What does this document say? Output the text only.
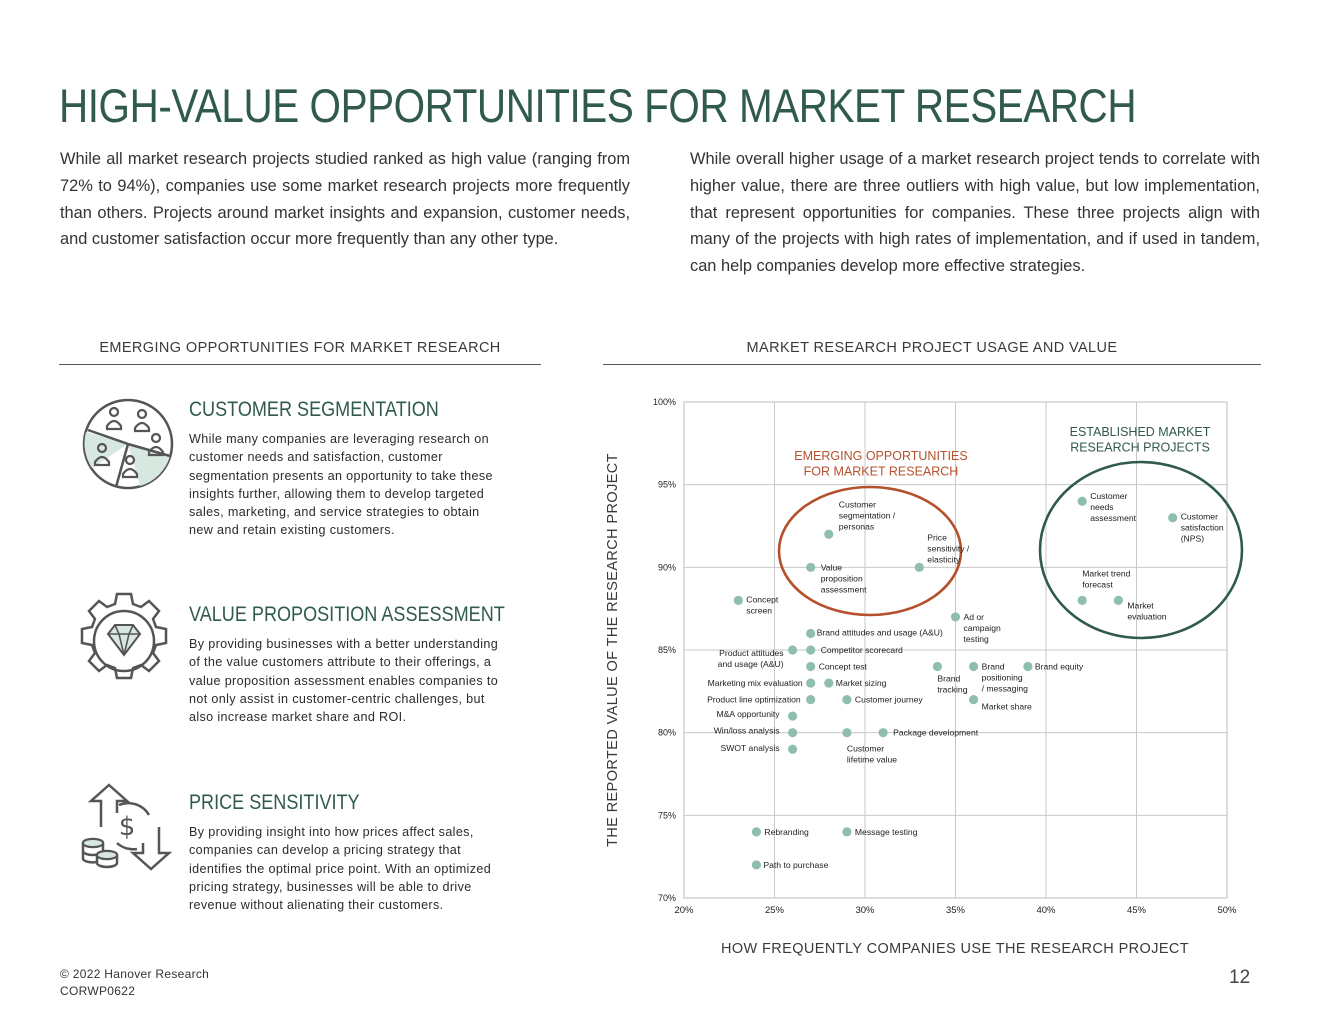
HIGH-VALUE OPPORTUNITIES FOR MARKET RESEARCH

While all market research projects studied ranked as high value (ranging from 72% to 94%), companies use some market research projects more frequently than others. Projects around market insights and expansion, customer needs, and customer satisfaction occur more frequently than any other type.

While overall higher usage of a market research project tends to correlate with higher value, there are three outliers with high value, but low implementation, that represent opportunities for companies. These three projects align with many of the projects with high rates of implementation, and if used in tandem, can help companies develop more effective strategies.

EMERGING OPPORTUNITIES FOR MARKET RESEARCH	MARKET RESEARCH PROJECT USAGE AND VALUE
CUSTOMER SEGMENTATION

While many companies are leveraging research on customer needs and satisfaction, customer segmentation presents an opportunity to take these insights further, allowing them to develop targeted sales, marketing, and service strategies to obtain new and retain existing customers.

VALUE PROPOSITION ASSESSMENT

By providing businesses with a better understanding of the value customers attribute to their offerings, a value proposition assessment enables companies to not only assist in customer-centric challenges, but also increase market share and ROI.

$
PRICE SENSITIVITY

By providing insight into how prices affect sales, companies can develop a pricing strategy that identifies the optimal price point. With an optimized pricing strategy, businesses will be able to drive revenue without alienating their customers.	20%	25%	30%	35%	40%	45%	50%
70%
75%
80%
85%
90%
95%
100%
HOW FREQUENTLY COMPANIES USE THE RESEARCH PROJECT
THE REPORTED VALUE OF THE RESEARCH PROJECT	EMERGING OPPORTUNITIES FOR MARKET RESEARCH
ESTABLISHED MARKET RESEARCH PROJECTS
Customer needs assessment	Customer satisfaction (NPS)
Customer segmentation / personas
Value proposition assessment
Price sensitivity / elasticity
Market trend forecast
Market evaluation
Concept screen
Ad or campaign testing
Brand attitudes and usage (A&U)
Product attitudes and usage (A&U)
Competitor scorecard
Concept test
Brand tracking
Brand positioning / messaging
Brand equity
Marketing mix evaluation	Market sizing
Product line optimization	Customer journey
Market share
M&A opportunity
Win/loss analysis
Customer lifetime value
Package development
SWOT analysis
Rebranding	Message testing
Path to purchase
© 2022 Hanover Research
CORWP0622
12
